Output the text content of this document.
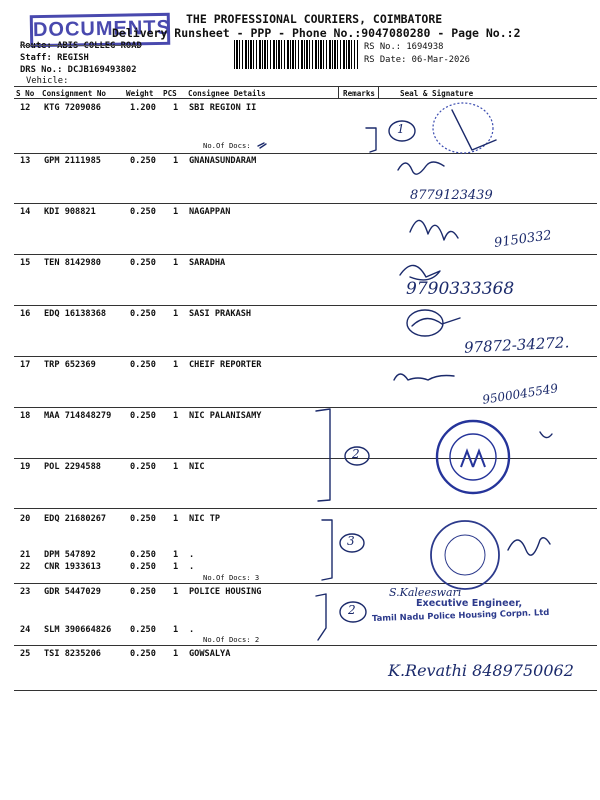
DOCUMENTS THE PROFESSIONAL COURIERS, COIMBATORE
Delivery Runsheet - PPP - Phone No.:9047080280 - Page No.:2
Route: ABIS COLLEG ROAD
Staff: REGISH
DRS No.: DCJB169493802
Vehicle:
RS No.: 1694938
RS Date: 06-Mar-2026
S No Consignment No	Weight PCS Consignee Details	Remarks	Seal & Signature
12 KTG 7209086	1.200 1 SBI REGION II
No.Of Docs:
13 GPM 2111985	0.250 1 GNANASUNDARAM
14 KDI 908821	0.250 1 NAGAPPAN
15 TEN 8142980	0.250 1 SARADHA
16 EDQ 16138368	0.250 1 SASI PRAKASH
17 TRP 652369	0.250 1 CHEIF REPORTER
18 MAA 714848279 0.250 1 NIC PALANISAMY
19 POL 2294588	0.250 1 NIC
20 EDQ 21680267	0.250 1 NIC TP
21 DPM 547892	0.250 1 .
22 CNR 1933613	0.250 1 .
No.Of Docs: 3
23 GDR 5447029	0.250 1 POLICE HOUSING
24 SLM 390664826 0.250 1 .
No.Of Docs: 2
25 TSI 8235206	0.250 1 GOWSALYA
1
2
3
2
8779123439
9150332
9790333368
97872-34272.
9500045549
S.Kaleeswari
Executive Engineer,
Tamil Nadu Police Housing Corpn. Ltd
K.Revathi 8489750062
